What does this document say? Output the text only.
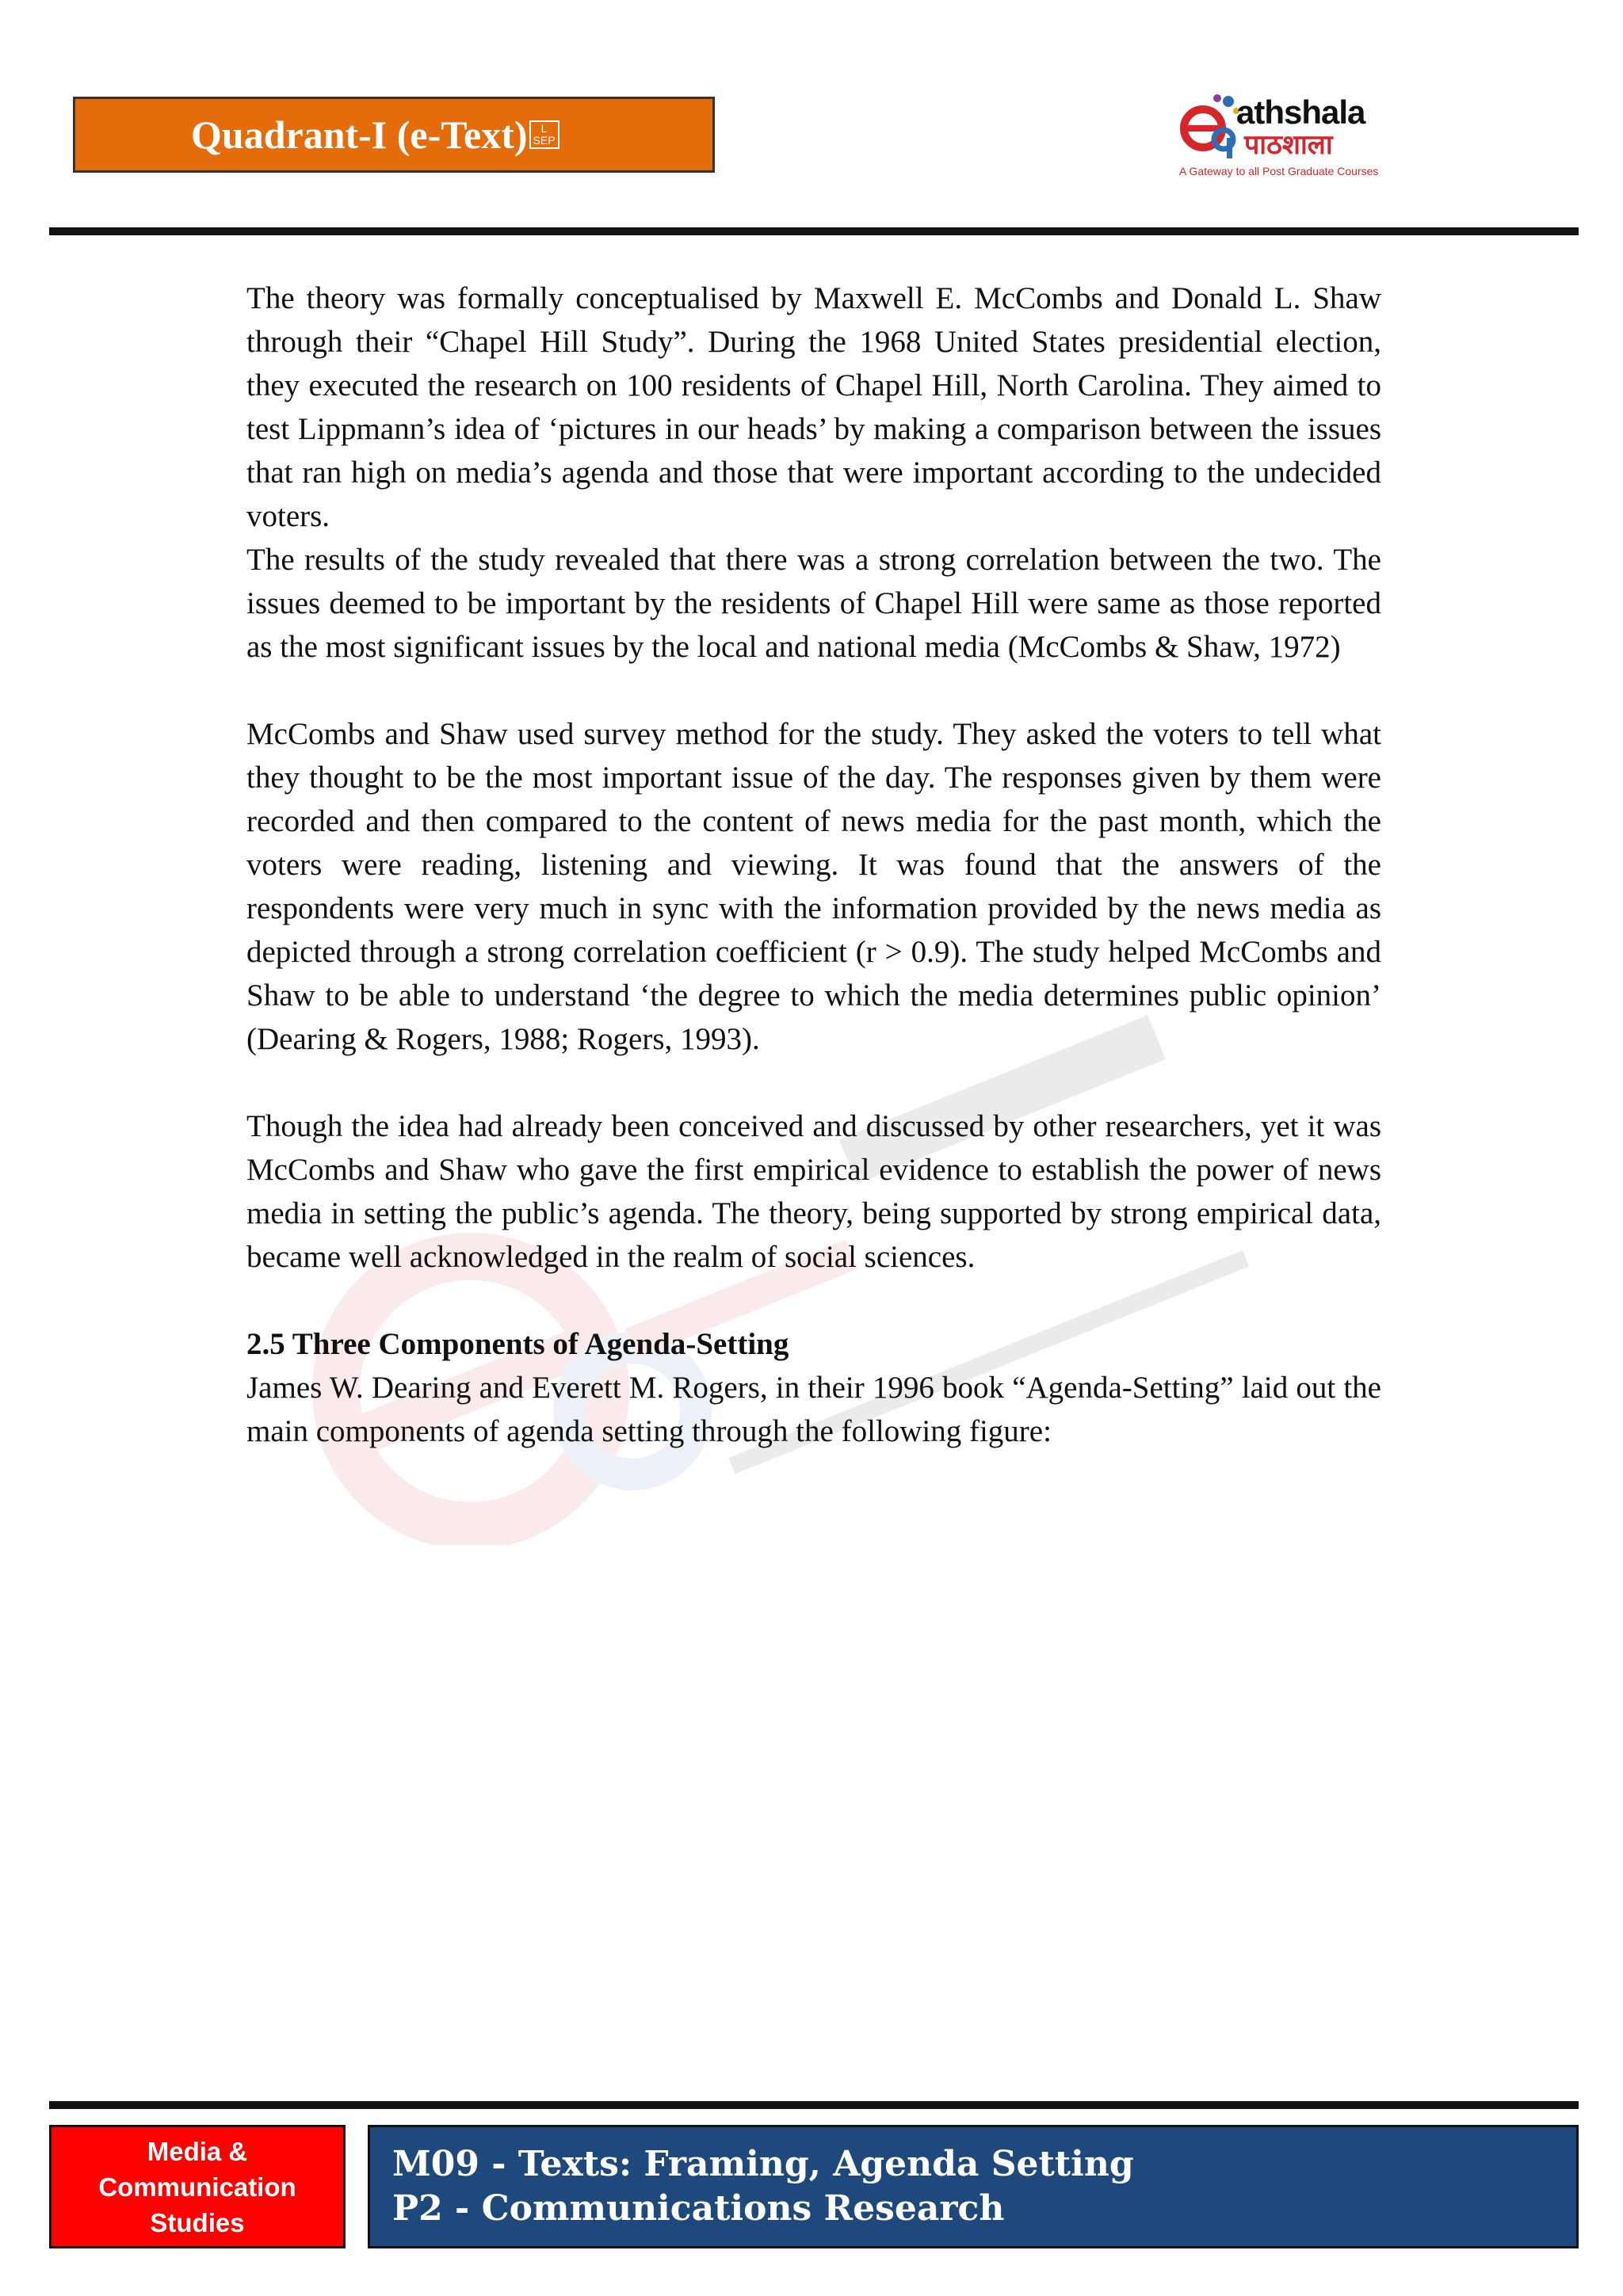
Quadrant-I (e-Text) L
SEP
athshala
पाठशाला
A Gateway to all Post Graduate Courses

The theory was formally conceptualised by Maxwell E. McCombs and Donald L. Shaw through their “Chapel Hill Study”. During the 1968 United States presidential election, they executed the research on 100 residents of Chapel Hill, North Carolina. They aimed to test Lippmann’s idea of ‘pictures in our heads’ by making a comparison between the issues that ran high on media’s agenda and those that were important according to the undecided voters.

The results of the study revealed that there was a strong correlation between the two. The issues deemed to be important by the residents of Chapel Hill were same as those reported as the most significant issues by the local and national media (McCombs & Shaw, 1972)

McCombs and Shaw used survey method for the study. They asked the voters to tell what they thought to be the most important issue of the day. The responses given by them were recorded and then compared to the content of news media for the past month, which the voters were reading, listening and viewing. It was found that the answers of the respondents were very much in sync with the information provided by the news media as depicted through a strong correlation coefficient (r > 0.9). The study helped McCombs and Shaw to be able to understand ‘the degree to which the media determines public opinion’ (Dearing & Rogers, 1988; Rogers, 1993).

Though the idea had already been conceived and discussed by other researchers, yet it was McCombs and Shaw who gave the first empirical evidence to establish the power of news media in setting the public’s agenda. The theory, being supported by strong empirical data, became well acknowledged in the realm of social sciences.

2.5 Three Components of Agenda-Setting

James W. Dearing and Everett M. Rogers, in their 1996 book “Agenda-Setting” laid out the main components of agenda setting through the following figure:

Media &
Communication
Studies
M09 - Texts: Framing, Agenda Setting
P2 - Communications Research
